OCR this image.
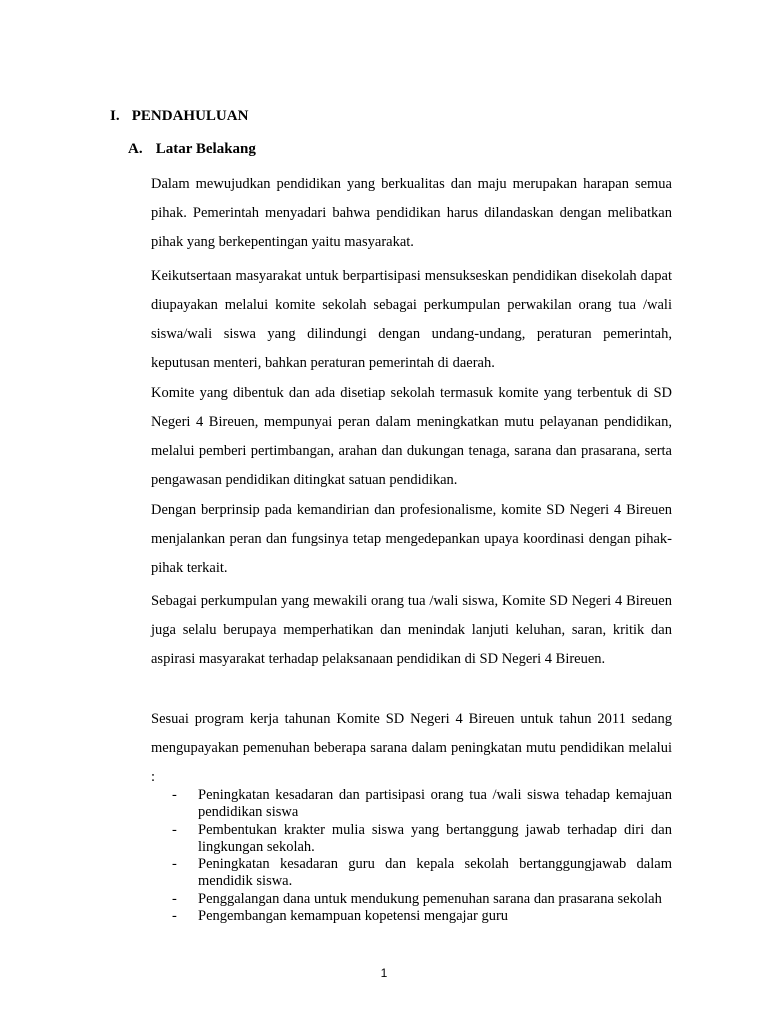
I. PENDAHULUAN
A. Latar Belakang

Dalam mewujudkan pendidikan yang berkualitas dan maju merupakan harapan semua pihak. Pemerintah menyadari bahwa pendidikan harus dilandaskan dengan melibatkan pihak yang berkepentingan yaitu masyarakat.

Keikutsertaan masyarakat untuk berpartisipasi mensukseskan pendidikan disekolah dapat diupayakan melalui komite sekolah sebagai perkumpulan perwakilan orang tua /wali siswa/wali siswa yang dilindungi dengan undang-undang, peraturan pemerintah, keputusan menteri, bahkan peraturan pemerintah di daerah.

Komite yang dibentuk dan ada disetiap sekolah termasuk komite yang terbentuk di SD Negeri 4 Bireuen, mempunyai peran dalam meningkatkan mutu pelayanan pendidikan, melalui pemberi pertimbangan, arahan dan dukungan tenaga, sarana dan prasarana, serta pengawasan pendidikan ditingkat satuan pendidikan.

Dengan berprinsip pada kemandirian dan profesionalisme, komite SD Negeri 4 Bireuen menjalankan peran dan fungsinya tetap mengedepankan upaya koordinasi dengan pihak-pihak terkait.

Sebagai perkumpulan yang mewakili orang tua /wali siswa, Komite SD Negeri 4 Bireuen juga selalu berupaya memperhatikan dan menindak lanjuti keluhan, saran, kritik dan aspirasi masyarakat terhadap pelaksanaan pendidikan di SD Negeri 4 Bireuen.

Sesuai program kerja tahunan Komite SD Negeri 4 Bireuen untuk tahun 2011 sedang mengupayakan pemenuhan beberapa sarana dalam peningkatan mutu pendidikan melalui :

- Peningkatan kesadaran dan partisipasi orang tua /wali siswa tehadap kemajuan pendidikan siswa
- Pembentukan krakter mulia siswa yang bertanggung jawab terhadap diri dan lingkungan sekolah.
- Peningkatan kesadaran guru dan kepala sekolah bertanggungjawab dalam mendidik siswa.
- Penggalangan dana untuk mendukung pemenuhan sarana dan prasarana sekolah
- Pengembangan kemampuan kopetensi mengajar guru
1
